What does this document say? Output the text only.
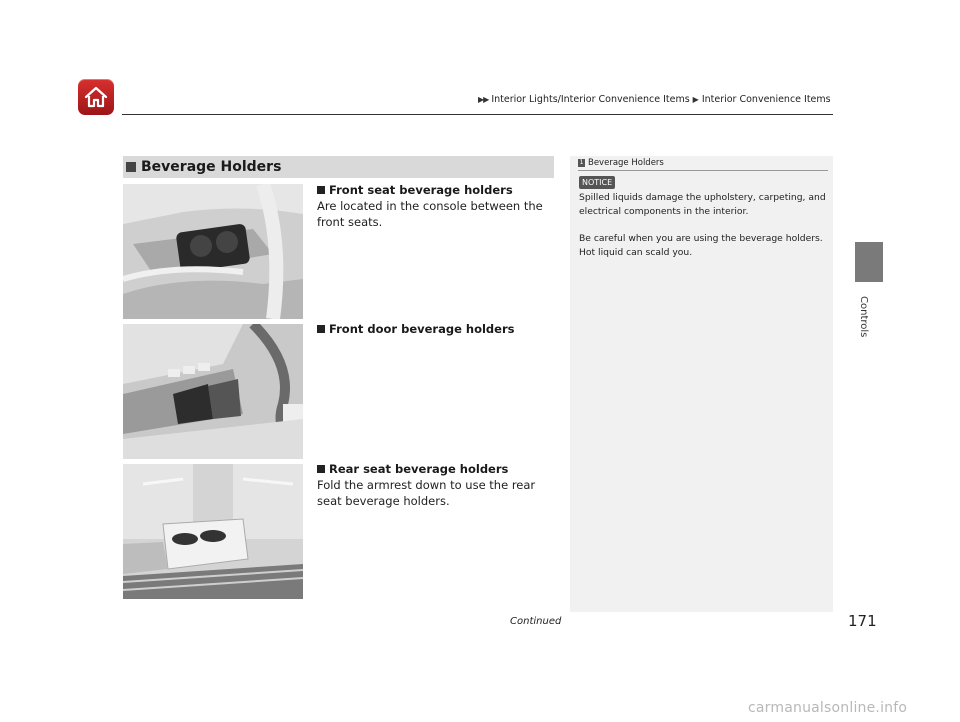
▶▶ Interior Lights/Interior Convenience Items ▶ Interior Convenience Items
Beverage Holders
Front seat beverage holders
Are located in the console between the front seats.
Front door beverage holders
Rear seat beverage holders
Fold the armrest down to use the rear seat beverage holders.
1 Beverage Holders
NOTICE
Spilled liquids damage the upholstery, carpeting, and electrical components in the interior.
Be careful when you are using the beverage holders. Hot liquid can scald you.
Controls
Continued	171
carmanualsonline.info
